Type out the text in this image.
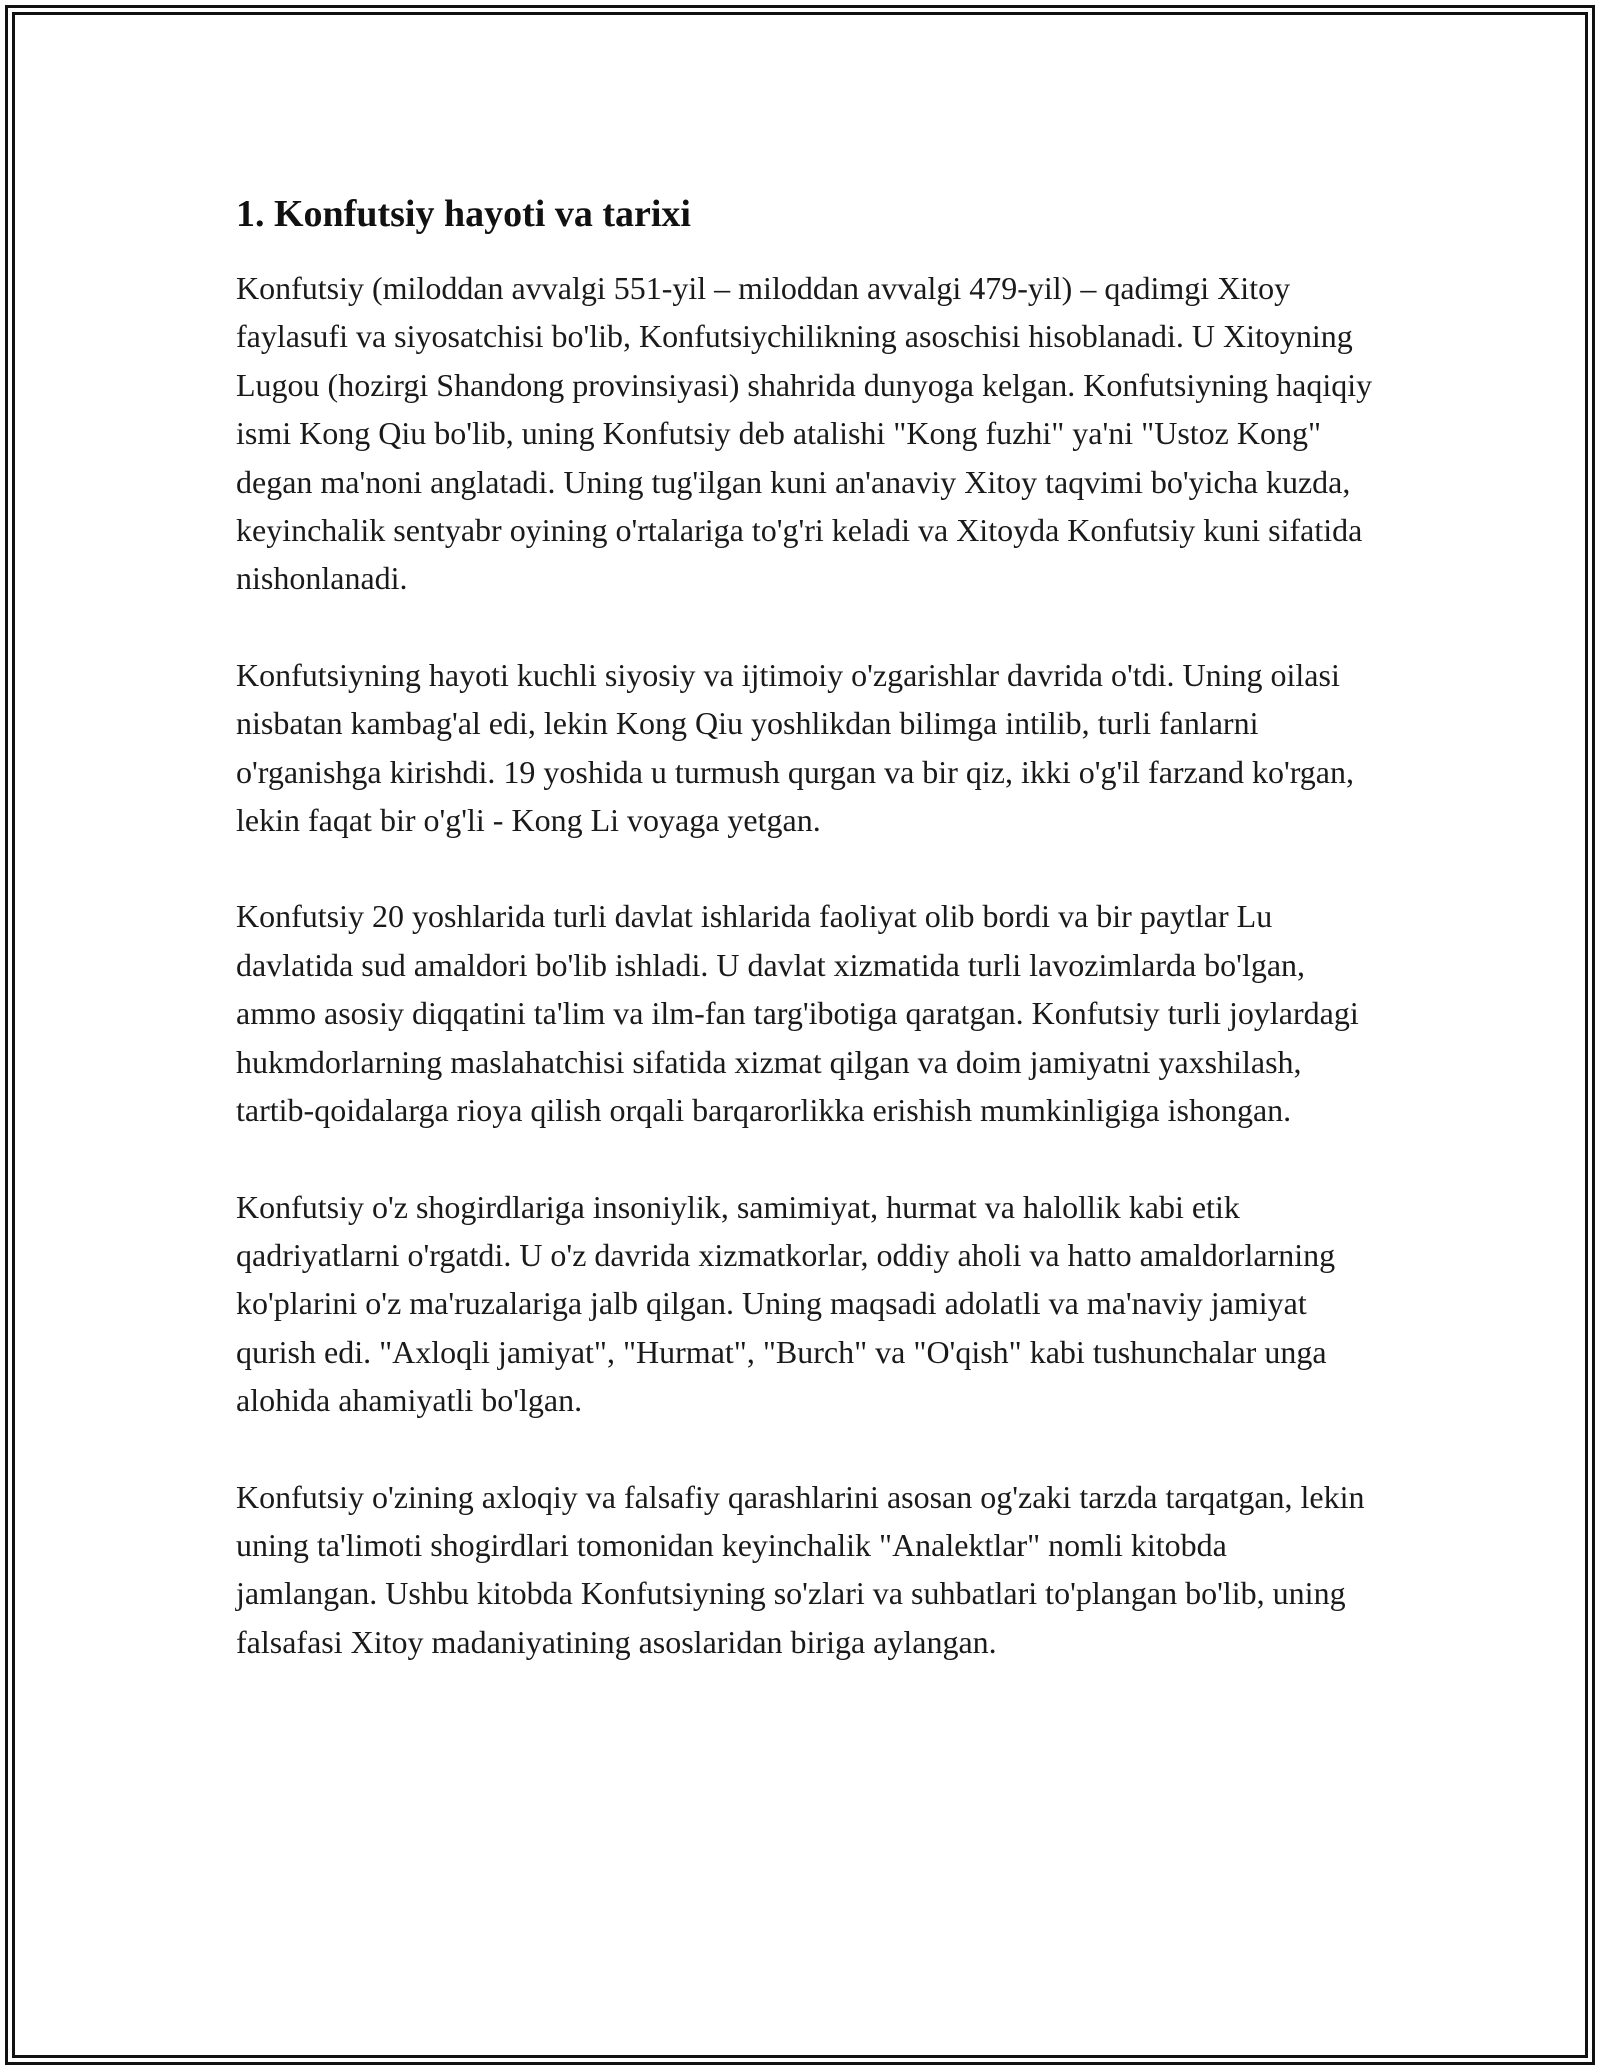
1. Konfutsiy hayoti va tarixi

Konfutsiy (miloddan avvalgi 551-yil – miloddan avvalgi 479-yil) – qadimgi Xitoy faylasufi va siyosatchisi bo'lib, Konfutsiychilikning asoschisi hisoblanadi. U Xitoyning Lugou (hozirgi Shandong provinsiyasi) shahrida dunyoga kelgan. Konfutsiyning haqiqiy ismi Kong Qiu bo'lib, uning Konfutsiy deb atalishi "Kong fuzhi" ya'ni "Ustoz Kong" degan ma'noni anglatadi. Uning tug'ilgan kuni an'anaviy Xitoy taqvimi bo'yicha kuzda, keyinchalik sentyabr oyining o'rtalariga to'g'ri keladi va Xitoyda Konfutsiy kuni sifatida nishonlanadi.

Konfutsiyning hayoti kuchli siyosiy va ijtimoiy o'zgarishlar davrida o'tdi. Uning oilasi nisbatan kambag'al edi, lekin Kong Qiu yoshlikdan bilimga intilib, turli fanlarni o'rganishga kirishdi. 19 yoshida u turmush qurgan va bir qiz, ikki o'g'il farzand ko'rgan, lekin faqat bir o'g'li - Kong Li voyaga yetgan.

Konfutsiy 20 yoshlarida turli davlat ishlarida faoliyat olib bordi va bir paytlar Lu davlatida sud amaldori bo'lib ishladi. U davlat xizmatida turli lavozimlarda bo'lgan, ammo asosiy diqqatini ta'lim va ilm-fan targ'ibotiga qaratgan. Konfutsiy turli joylardagi hukmdorlarning maslahatchisi sifatida xizmat qilgan va doim jamiyatni yaxshilash, tartib-qoidalarga rioya qilish orqali barqarorlikka erishish mumkinligiga ishongan.

Konfutsiy o'z shogirdlariga insoniylik, samimiyat, hurmat va halollik kabi etik qadriyatlarni o'rgatdi. U o'z davrida xizmatkorlar, oddiy aholi va hatto amaldorlarning ko'plarini o'z ma'ruzalariga jalb qilgan. Uning maqsadi adolatli va ma'naviy jamiyat qurish edi. "Axloqli jamiyat", "Hurmat", "Burch" va "O'qish" kabi tushunchalar unga alohida ahamiyatli bo'lgan.

Konfutsiy o'zining axloqiy va falsafiy qarashlarini asosan og'zaki tarzda tarqatgan, lekin uning ta'limoti shogirdlari tomonidan keyinchalik "Analektlar" nomli kitobda jamlangan. Ushbu kitobda Konfutsiyning so'zlari va suhbatlari to'plangan bo'lib, uning falsafasi Xitoy madaniyatining asoslaridan biriga aylangan.
